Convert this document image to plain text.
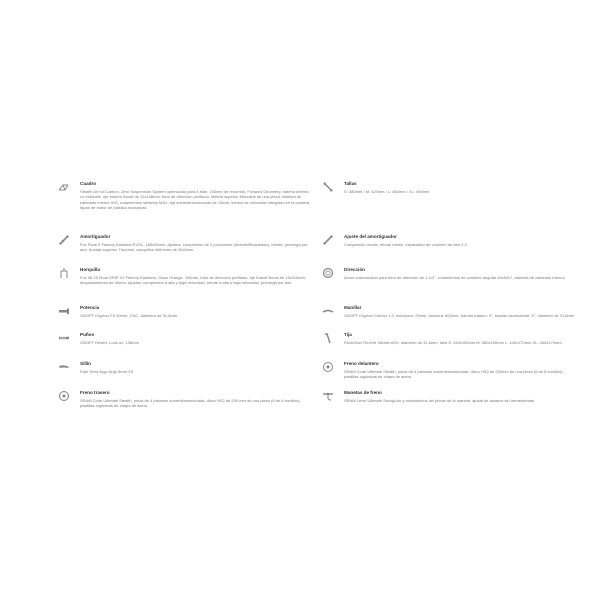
Cuadro
Stealth Air full Carbon, Zero Suspension System optimizado para e-bike, 150mm de recorrido, Forward Geometry, batería interna no extraíble, eje trasero Boost de 12x148mm, tubo de dirección perfilado, bieleta superior Monolink de una pieza, sistema de cableado interno IHG, rodamientos sellados MAX, eje sobredimensionado de 15mm, sensor de velocidad integrado en la puntera, tapas de motor de plástico exclusivas
Amortiguador
Fox Float X Factory Kashima EVOL, 185x55mm. Ajustes: compresión de 2 posiciones (Abierto/Bloqueado), rebote, precarga por aire. Anclaje superior Trunnion, casquillos inferiores de 30x8mm
Horquilla
Fox 36 29 Float GRIP X2 Factory Kashima, Gloss Orange, 160mm, tubo de dirección perfilado, eje Kabolt Boost de 15x110mm, desplazamiento de 44mm. Ajustes: compresión a alta y baja velocidad, rebote a alta y baja velocidad, precarga por aire
Potencia
ONOFF Krypton FS 40mm, CNC, diámetro de 31,8mm
Puños
ONOFF Desert, Lock-on, 138mm
Sillín
Fizik Terra Argo Argo 5mm X5
Freno trasero
SRAM Code Ultimate Stealth, pinza de 4 pistones sobredimensionada, disco HS2 de 200 mm de una pieza (6 de 6 tornillos), pastillas orgánicas de chapa de acero.
Tallas
S: 380mm / M: 420mm / L: 460mm / XL: 490mm
Ajuste del amortiguador
Compresión media, rebote medio, espaciador de volumen de aire 0,4
Dirección
Acros customizado para tubo de dirección de 1-1/2", rodamientos de contacto angular 45x52x7, sistema de cableado interno
Manillar
ONOFF Krypton Carbon 1.0, elevación: 20mm, anchura: 800mm, barrido trasero: 9°, barrido ascendente: 5°, diámetro de 31,8mm
Tija
RockShox Reverb Stealth AXS, diámetro de 31,6mm, talla S: 340x150mm M: 380x150mm L: 440x170mm XL: 440x170mm
Freno delantero
SRAM Code Ultimate Stealth, pinza de 4 pistones sobredimensionada, disco HS2 de 200mm de una pieza (6 de 6 tornillos), pastillas orgánicas de chapa de acero.
Manetas de freno
SRAM Level Ultimate SwingLink y rodamientos del pivote de la maneta, ajuste de alcance sin herramientas
